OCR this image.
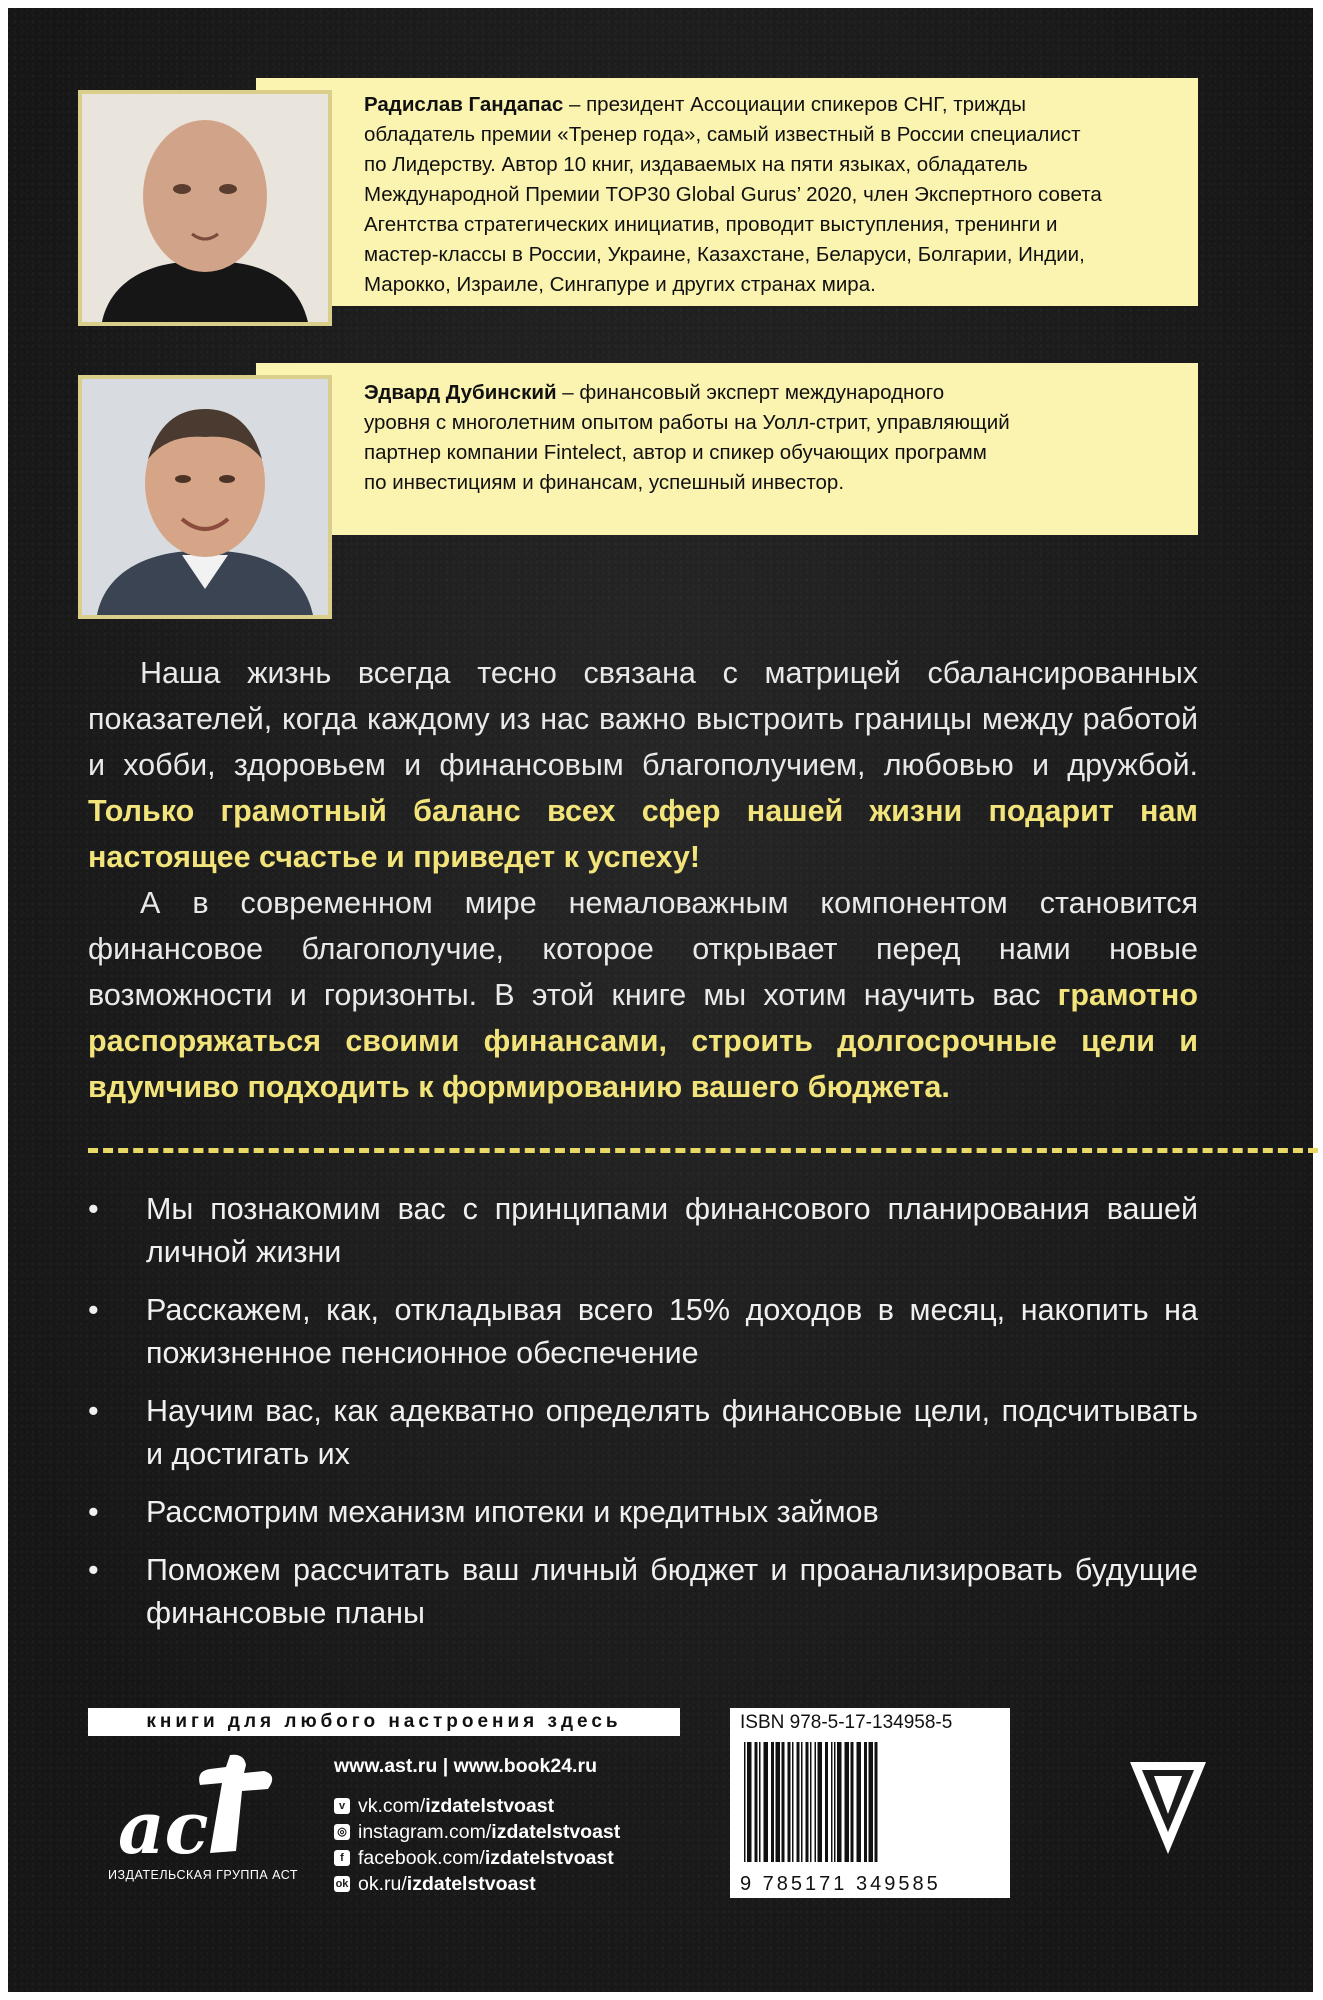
Радислав Гандапас – президент Ассоциации спикеров СНГ, трижды
обладатель премии «Тренер года», самый известный в России специалист
по Лидерству. Автор 10 книг, издаваемых на пяти языках, обладатель
Международной Премии TOP30 Global Gurus’ 2020, член Экспертного совета
Агентства стратегических инициатив, проводит выступления, тренинги и
мастер-классы в России, Украине, Казахстане, Беларуси, Болгарии, Индии,
Марокко, Израиле, Сингапуре и других странах мира.
Эдвард Дубинский – финансовый эксперт международного
уровня с многолетним опытом работы на Уолл-стрит, управляющий
партнер компании Fintelect, автор и спикер обучающих программ
по инвестициям и финансам, успешный инвестор.

Наша жизнь всегда тесно связана с матрицей сбалансированных показателей, когда каждому из нас важно выстроить границы между работой и хобби, здоровьем и финансовым благополучием, любовью и дружбой. Только грамотный баланс всех сфер нашей жизни подарит нам настоящее счастье и приведет к успеху!

А в современном мире немаловажным компонентом становится финансовое благополучие, которое открывает перед нами новые возможности и горизонты. В этой книге мы хотим научить вас грамотно распоряжаться своими финансами, строить долгосрочные цели и вдумчиво подходить к формированию вашего бюджета.

• Мы познакомим вас с принципами финансового планирования вашей личной жизни
• Расскажем, как, откладывая всего 15% доходов в месяц, накопить на пожизненное пенсионное обеспечение
• Научим вас, как адекватно определять финансовые цели, подсчитывать и достигать их
• Рассмотрим механизм ипотеки и кредитных займов
• Поможем рассчитать ваш личный бюджет и проанализировать будущие финансовые планы
книги для любого настроения здесь
ac
ИЗДАТЕЛЬСКАЯ ГРУППА АСТ
www.ast.ru | www.book24.ru
v vk.com/ izdatelstvoast
◎ instagram.com/ izdatelstvoast
f facebook.com/ izdatelstvoast
ok ok.ru/ izdatelstvoast
ISBN 978-5-17-134958-5
9 785171 349585
